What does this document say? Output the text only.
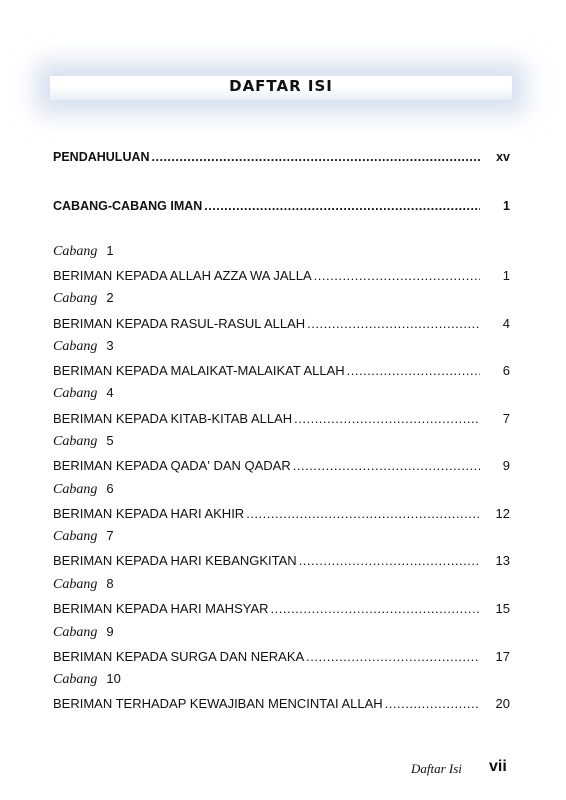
DAFTAR ISI
PENDAHULUAN .....	xv
CABANG-CABANG IMAN .....	1
Cabang 1
BERIMAN KEPADA ALLAH AZZA WA JALLA .....	1
Cabang 2
BERIMAN KEPADA RASUL-RASUL ALLAH .....	4
Cabang 3
BERIMAN KEPADA MALAIKAT-MALAIKAT ALLAH .....	6
Cabang 4
BERIMAN KEPADA KITAB-KITAB ALLAH .....	7
Cabang 5
BERIMAN KEPADA QADA' DAN QADAR .....	9
Cabang 6
BERIMAN KEPADA HARI AKHIR .....	12
Cabang 7
BERIMAN KEPADA HARI KEBANGKITAN .....	13
Cabang 8
BERIMAN KEPADA HARI MAHSYAR .....	15
Cabang 9
BERIMAN KEPADA SURGA DAN NERAKA .....	17
Cabang 10
BERIMAN TERHADAP KEWAJIBAN MENCINTAI ALLAH .....	20
Daftar Isi vii
